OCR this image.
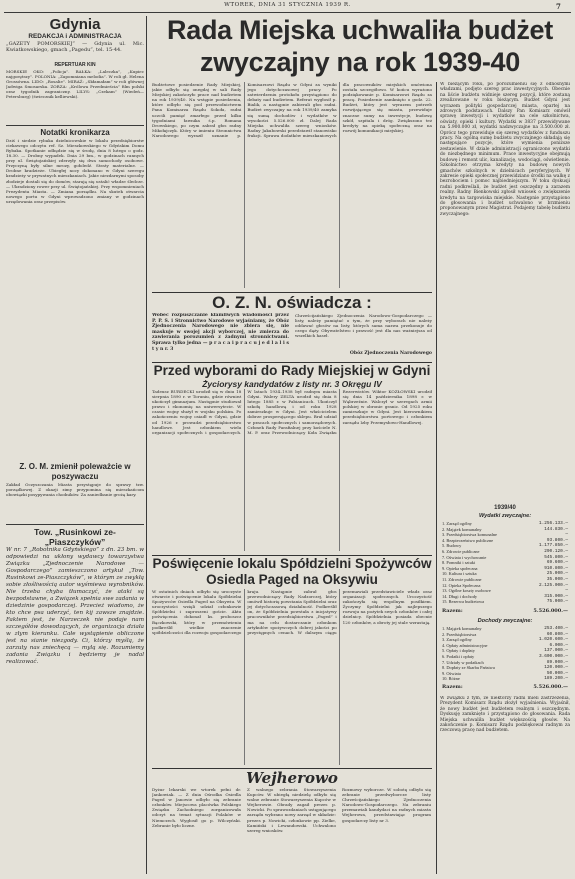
WTOREK, DNIA 31 STYCZNIA 1939 R.	7
Gdynia
REDAKCJA i ADMINISTRACJA
„GAZETY POMORSKIEJ” — Gdynia ul. Mic. Kwiatkowskiego, gmach „Pagedu”, tel. 15-44.
REPERTUAR KIN
MORSKIE OKO: „Policja”. BAŁKA: „Laleczka”, „Kupiec najgorętszy”. POLONIA: „Zapomniana melodia”. W roli gł. Helena Grossówna. LIDO: „Rosalie”. MIRAŻ: „Skłamałam” w roli głównej Jadwiga Smosarska. ZORZA: „Królowa Przedmieścia” film polski oraz tygodnik zagraniczny. LILYS: „Czekam” (Wiedeń—Petersburg) (świecznik kelliewski).
Notatki kronikarza
Dziś i siedzie rybaka dzielnicowskie w lokalu przedsiębiorstw ciekawego odczytu ref. Sz. Mieszkowskiego w Gdyńskim Domu Rybaka. Spotkanie odbędzie się w środę, dnia 8 lutego o godz. 18.30. — Drobny wypadek. Dnia 29 bm., w godzinach rannych przy ul. Świętojańskiej zderzyły się dwa samochody osobowe. Przyczyną były silne mrozy, gołoledź. Straty materialne. — Drobne kradzieże. Ubiegłej nocy dokonano w Gdyni szeregu kradzieży w prywatnych mieszkaniach. Jakie niezdarnymi sposoby złodzieje dostali się do domów, starają się ustalić władze śledcze. — Ukradziony rower przy ul. Świętojańskiej. Przy wspomnieniach Prezydenta Miasta. — Zmiana porządku. Na skutek otwarcia nowego portu w Gdyni wprowadzono zmiany w godzinach urzędowania oraz przepisów.
Z. O. M. zmienił poleważcie w poszywaczu
Zakład Oczyszczania Miasta przystępuje do sprawy tzw. porządkowej. Z okazji zimy przypomina się mieszkańcom obowiązki posypywania chodników. Za zaniedbanie grożą kary.
Tow. „Rusinkowi ze-„Piaszczyków”
W nr. 7 „Robotnika Gdyńskiego” z dn. 23 bm. w odpowiedzi na ukłony wydawcy towarzystwa Związku „Zjednoczenie Narodowe — Gospodarczego” zamieszczono artykuł „Tow. Rusinkowi ze-Piaszczyków”, w którym ze zwykłą sobie złośliwością autor wyśmiewa wyrobników. Nie trzeba chyba tłumaczyć, że ataki są bezpodstawne, a Związek spełnia swe zadania w dziedzinie gospodarczej. Przecież wiadomo, że kto chce psa uderzyć, ten kij zawsze znajdzie. Faktem jest, że Narzeczek nie podaje nam szczegółów dowodzących, że organizacja działa w złym kierunku. Całe wystąpienie obliczone jest na sianie niezgody. Ci, którzy myślą, że zarzuty nas zniechęcą — mylą się. Rozumiemy zadania Związku i będziemy je nadal realizować.
Rada Miejska uchwaliła budżet zwyczajny na rok 1939-40
Budżetowe posiedzenie Rady Miejskiej, jakie odbyło się onegdaj w sali Rady Miejskiej zakończyło prace nad budżetem na rok 1939/40. Na wstępie posiedzenia, które odbyło się pod przewodnictwem Pana Komisarza Rządu Sokoła, radni uczcili pamięć zmarłego przed kilku tygodniami ławnika ś.p. Romana Drowskiego, po czym zabrał głos radny Mikołajczyk. Który w imieniu Stronnictwa Narodowego wyraził uznanie p. Komisarzowi Rządu w Gdyni za wyniki jego dotychczasowej pracy. Po zatwierdzeniu protokołu przystąpiono do debaty nad budżetem. Referat wygłosił p. Bialik, a następnie zabierali głos radni. Budżet zwyczajny na rok 1939/40 zamyka się sumą dochodów i wydatków w wysokości 5.526.000 zł. Dalej Rada Miejska uchwaliła szereg wniosków. Radny Jakubowski przedstawił stanowisko frakcji. Sprawa dodatków mieszkaniowych dla pracowników miejskich omówiona została szczegółowo. W końcu wyrażono podziękowanie p. Komisarzowi Rządu za pracę. Posiedzenie zamknięto o godz. 22. Budżet, który jest wyrazem potrzeb rozwijającego się miasta, przewiduje znaczne sumy na inwestycje, budowę szkół, szpitala i dróg. Zwiększono też kredyty na opiekę społeczną oraz na rozwój komunikacji miejskiej.
O. Z. N. oświadcza :
Wobec rozpuszczanie kłamliwych wiadomości przez P. P. S. i Stronnictwo Narodowe wyjaśniamy, że Obóz Zjednoczenia Narodowego nie zbiera się, nie maskuje w swojej akcji wyborczej, nie zmierza do zawierania porozumień z żadnymi stronnictwami. Sprawa tylko jedna — p r a c a i p r a c u j e d l a l i s t y n r. 3
Chrześcijańskiego Zjednoczenia Narodowo-Gospodarczego — listy, należy pamiętać o tym, że przy wyborach nie należy oddawać głosów na listy, których sama nazwa przekonuje do czego dąży. Obywatelstwo i prawość jest dla nas ważniejsza od wszelkich haseł.
Obóz Zjednoczenia Narodowego
Przed wyborami do Rady Miejskiej w Gdyni
Życiorysy kandydatów z listy nr. 3 Okręgu IV
Tadeusz BURDECKI urodził się w dniu 18 sierpnia 1890 r. w Toruniu, gdzie również ukończył gimnazjum. Następnie studiował prawo i ekonomię na uniwersytecie. W czasie wojny służył w wojsku polskim. Po zakończeniu wojny osiadł w Gdyni, gdzie od 1926 r. prowadzi przedsiębiorstwo handlowe. Jest członkiem wielu organizacji społecznych i gospodarczych. W latach 1934–1938 był radnym miasta Gdyni. Walery ZELTA urodził się dnia 8 lutego 1885 r. w Pabianicach. Ukończył szkołę handlową i od roku 1928 zamieszkuje w Gdyni. Jest właścicielem dobrze prosperującego sklepu. Brał udział w pracach społecznych i samorządowych. Członek Rady Parafialnej przy kościele N. M. P. oraz Przewodniczący Koła Związku Rezerwistów. Wiktor KOZŁOWSKI urodził się dnia 14 października 1898 r. w Wąbrzeźnie. Walczył w szeregach armii polskiej w obronie granic. Od 1925 roku zamieszkuje w Gdyni. Jest kierownikiem przedsiębiorstwa portowego i członkiem zarządu Izby Przemysłowo-Handlowej.
Poświęcenie lokalu Spółdzielni Spożywców Osiedla Paged na Oksywiu
W ostatnich dniach odbyło się uroczyste otwarcie i poświęcenie lokalu Spółdzielni Spożywców Osiedla Paged na Oksywiu. W uroczystości wzięli udział członkowie Spółdzielni i zaproszeni goście. Aktu poświęcenia dokonał ks. proboszcz Bączkowski, który w przemówieniu podkreślił wielkie znaczenie spółdzielczości dla rozwoju gospodarczego kraju. Następnie zabrał głos przewodniczący Rady Nadzorczej, który omówił historię powstania Spółdzielni oraz jej dotychczasową działalność. Podkreślił on, że Spółdzielnia powstała z inicjatywy pracowników przedsiębiorstwa „Paged” i ma na celu dostarczanie członkom artykułów spożywczych dobrej jakości po przystępnych cenach. W dalszym ciągu przemawiali przedstawiciele władz oraz organizacji społecznych. Uroczystość zakończyła się wspólnym posiłkiem. Życzymy Spółdzielni jak najlepszego rozwoju na pożytek swych członków i całej dzielnicy. Spółdzielnia posiada obecnie 120 członków, a obroty jej stale wzrastają.
Wejherowo
Dyżur lekarski we wtorek pełni dr. Jankowiak. — Z dnia Ośrodka Osiedla Paged w Janowie odbyło się zebranie członków. Miejscowa placówka Polskiego Związku Zachodniego zorganizowała odczyt na temat sytuacji Polaków w Niemczech. Wygłosił go p. Wilczyński. Zebranie było liczne.
Z walnego zebrania Stowarzyszenia Kupców. W ubiegłą niedzielę odbyło się walne zebranie Stowarzyszenia Kupców w Wejherowie. Obrady zagaił prezes p. Nowicki. Po sprawozdaniach ustępującego zarządu wybrano nowy zarząd w składzie: prezes p. Nowicki, członkowie pp. Zielke, Kamiński i Lewandowski. Uchwalono szereg wniosków.
Rozmowy wyborcze. W sobotę odbyło się zebranie przedwyborcze listy Chrześcijańskiego Zjednoczenia Narodowo-Gospodarczego. Na zebraniu przemawiali kandydaci na radnych miasta Wejherowa, przedstawiając program gospodarczy listy nr 3.
W bieżącym roku, po porozumieniu się z odnośnymi władzami, podjęto szereg prac inwestycyjnych. Obecnie na liście budżetu widnieje szereg pozycji, które zostaną zrealizowane w roku bieżącym. Budżet Gdyni jest wyrazem polityki gospodarczej miasta, opartej na zdrowych podstawach. Dalszy Pan Komisarz omówił sprawę inwestycji i wydatków na cele szkolnictwa, oświaty, opieki i kultury. Wydatki w 3837 przewidywane na 5.900.000 zł, wydatki nadzwyczajne na 3.500.000 zł. Oprócz tego przewiduje się szereg wydatków z funduszu pracy. Na ogólną sumę budżetu zwyczajnego składają się następujące pozycje, które wymienia poniższe zestawienie. W dziale administracji ograniczono wydatki do niezbędnego minimum. Prace inwestycyjne obejmują budowę i remont ulic, kanalizację, wodociągi, oświetlenie. Szkolnictwo otrzyma kredyty na budowę nowych gmachów szkolnych w dzielnicach peryferyjnych. W zakresie opieki społecznej przewidziano środki na walkę z bezrobociem i pomoc najbiedniejszym. W toku dyskusji radni podkreślali, że budżet jest oszczędny a zarazem realny. Radny Bienkowski zgłosił wniosek o zwiększenie kredytu na targowiska miejskie. Następnie przystąpiono do głosowania i budżet uchwalono w brzmieniu proponowanym przez Magistrat. Podajemy tabelę budżetu zwyczajnego:
1939/40
Wydatki zwyczajne:
1. Zarząd ogólny	1.256.133.—
2. Majątek komunalny	144.830.—
3. Przedsiębiorstwa komunalne	—
4. Bezpieczeństwo publiczne	93.800.—
5. Budowy	1.177.850.—
6. Zdrowie publiczne	290.120.—
7. Oświata i wychowanie	545.800.—
8. Pomniki i sztuki	69.600.—
9. Opieka społeczna	910.800.—
10. Kultura i sztuka	25.000.—
11. Zdrowie publiczne	35.000.—
12. Opieka Społeczna	2.125.000.—
13. Ogólne koszty osobowe	—
14. Długi i dochody	315.000.—
15. Rezerwa budżetowa	75.000.—
Razem:	5.526.000.—
Dochody zwyczajne:
1. Majątek komunalny	253.400.—
2. Przedsiębiorstwa	60.800.—
3. Zarząd ogólny	1.020.600.—
4. Opłaty administracyjne	6.000.—
5. Opłaty i dopłaty	137.000.—
6. Podatki i opłaty	3.600.000.—
7. Udziały w podatkach	89.000.—
8. Dopłaty ze Skarbu Państwa	120.000.—
9. Oświata	50.000.—
10. Różne	189.200.—
Razem:	5.526.000.—
W związku z tym, że niektórzy radni mieli zastrzeżenia, Prezydent Komisarz Rządu złożył wyjaśnienia. Wyjaśnił, że nowy budżet jest budżetem realnym i oszczędnym. Dyskusję zamknięto i przystąpiono do głosowania. Rada Miejska uchwaliła budżet większością głosów. Na zakończenie p. Komisarz Rządu podziękował radnym za rzeczową pracę nad budżetem.
